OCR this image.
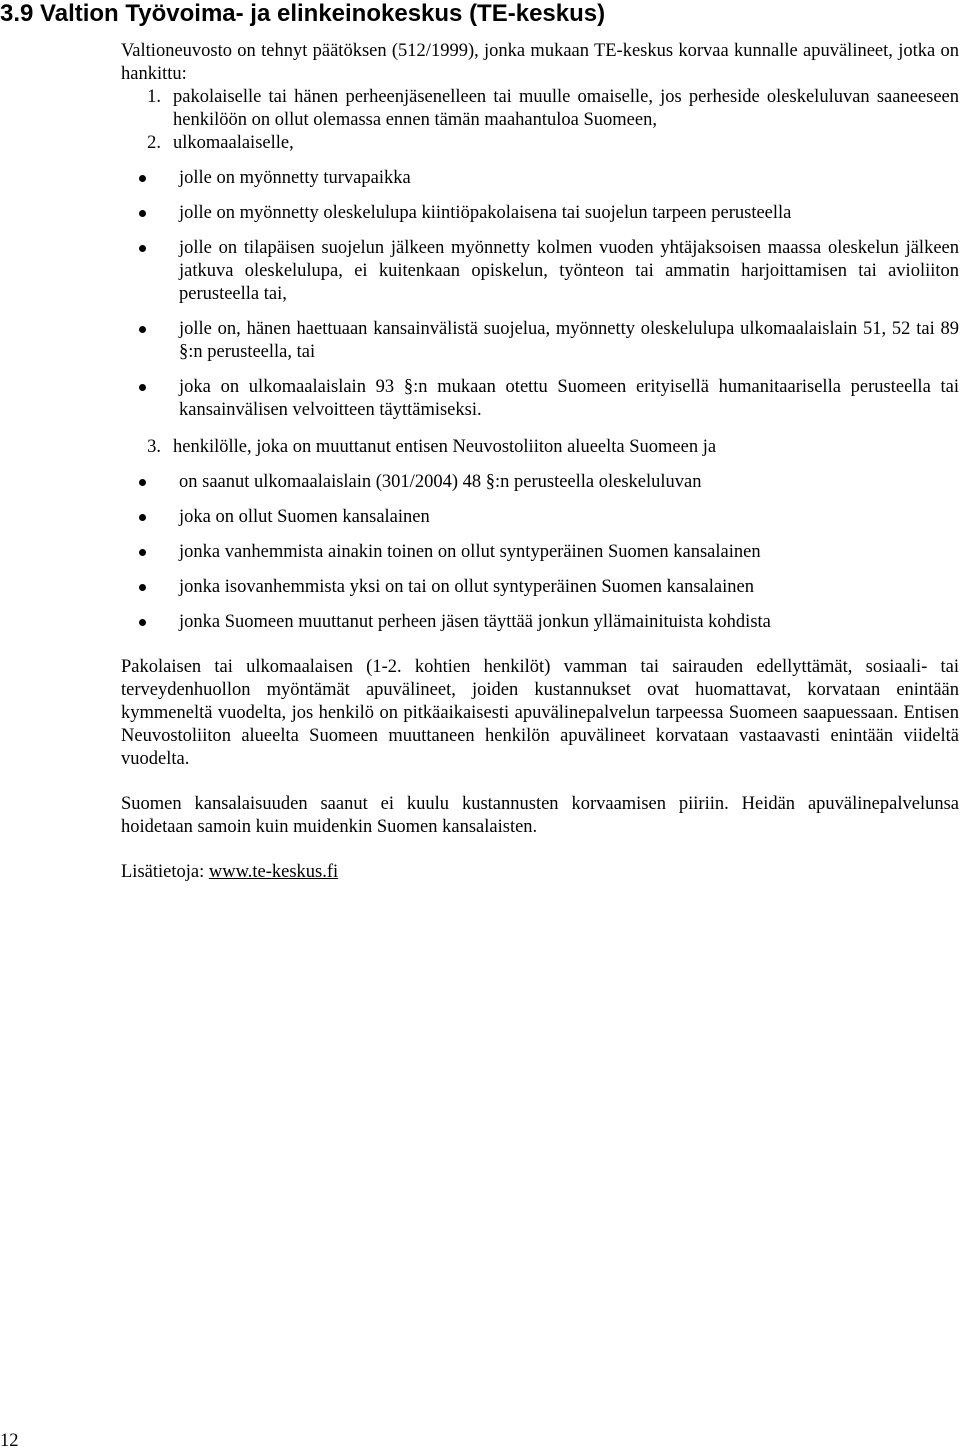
3.9 Valtion Työvoima- ja elinkeinokeskus (TE-keskus)

Valtioneuvosto on tehnyt päätöksen (512/1999), jonka mukaan TE-keskus korvaa kunnalle apuvälineet, jotka on hankittu:

1. pakolaiselle tai hänen perheenjäsenelleen tai muulle omaiselle, jos perheside oleskeluluvan saaneeseen henkilöön on ollut olemassa ennen tämän maahantuloa Suomeen,
2. ulkomaalaiselle,
jolle on myönnetty turvapaikka
jolle on myönnetty oleskelulupa kiintiöpakolaisena tai suojelun tarpeen perusteella
jolle on tilapäisen suojelun jälkeen myönnetty kolmen vuoden yhtäjaksoisen maassa oleskelun jälkeen jatkuva oleskelulupa, ei kuitenkaan opiskelun, työnteon tai ammatin harjoittamisen tai avioliiton perusteella tai,
jolle on, hänen haettuaan kansainvälistä suojelua, myönnetty oleskelulupa ulkomaalaislain 51, 52 tai 89 §:n perusteella, tai
joka on ulkomaalaislain 93 §:n mukaan otettu Suomeen erityisellä humanitaarisella perusteella tai kansainvälisen velvoitteen täyttämiseksi.
3. henkilölle, joka on muuttanut entisen Neuvostoliiton alueelta Suomeen ja
on saanut ulkomaalaislain (301/2004) 48 §:n perusteella oleskeluluvan
joka on ollut Suomen kansalainen
jonka vanhemmista ainakin toinen on ollut syntyperäinen Suomen kansalainen
jonka isovanhemmista yksi on tai on ollut syntyperäinen Suomen kansalainen
jonka Suomeen muuttanut perheen jäsen täyttää jonkun yllämainituista kohdista

Pakolaisen tai ulkomaalaisen (1-2. kohtien henkilöt) vamman tai sairauden edellyttämät, sosiaali- tai terveydenhuollon myöntämät apuvälineet, joiden kustannukset ovat huomattavat, korvataan enintään kymmeneltä vuodelta, jos henkilö on pitkäaikaisesti apuvälinepalvelun tarpeessa Suomeen saapuessaan. Entisen Neuvostoliiton alueelta Suomeen muuttaneen henkilön apuvälineet korvataan vastaavasti enintään viideltä vuodelta.

Suomen kansalaisuuden saanut ei kuulu kustannusten korvaamisen piiriin. Heidän apuvälinepalvelunsa hoidetaan samoin kuin muidenkin Suomen kansalaisten.

Lisätietoja: www.te-keskus.fi

12
